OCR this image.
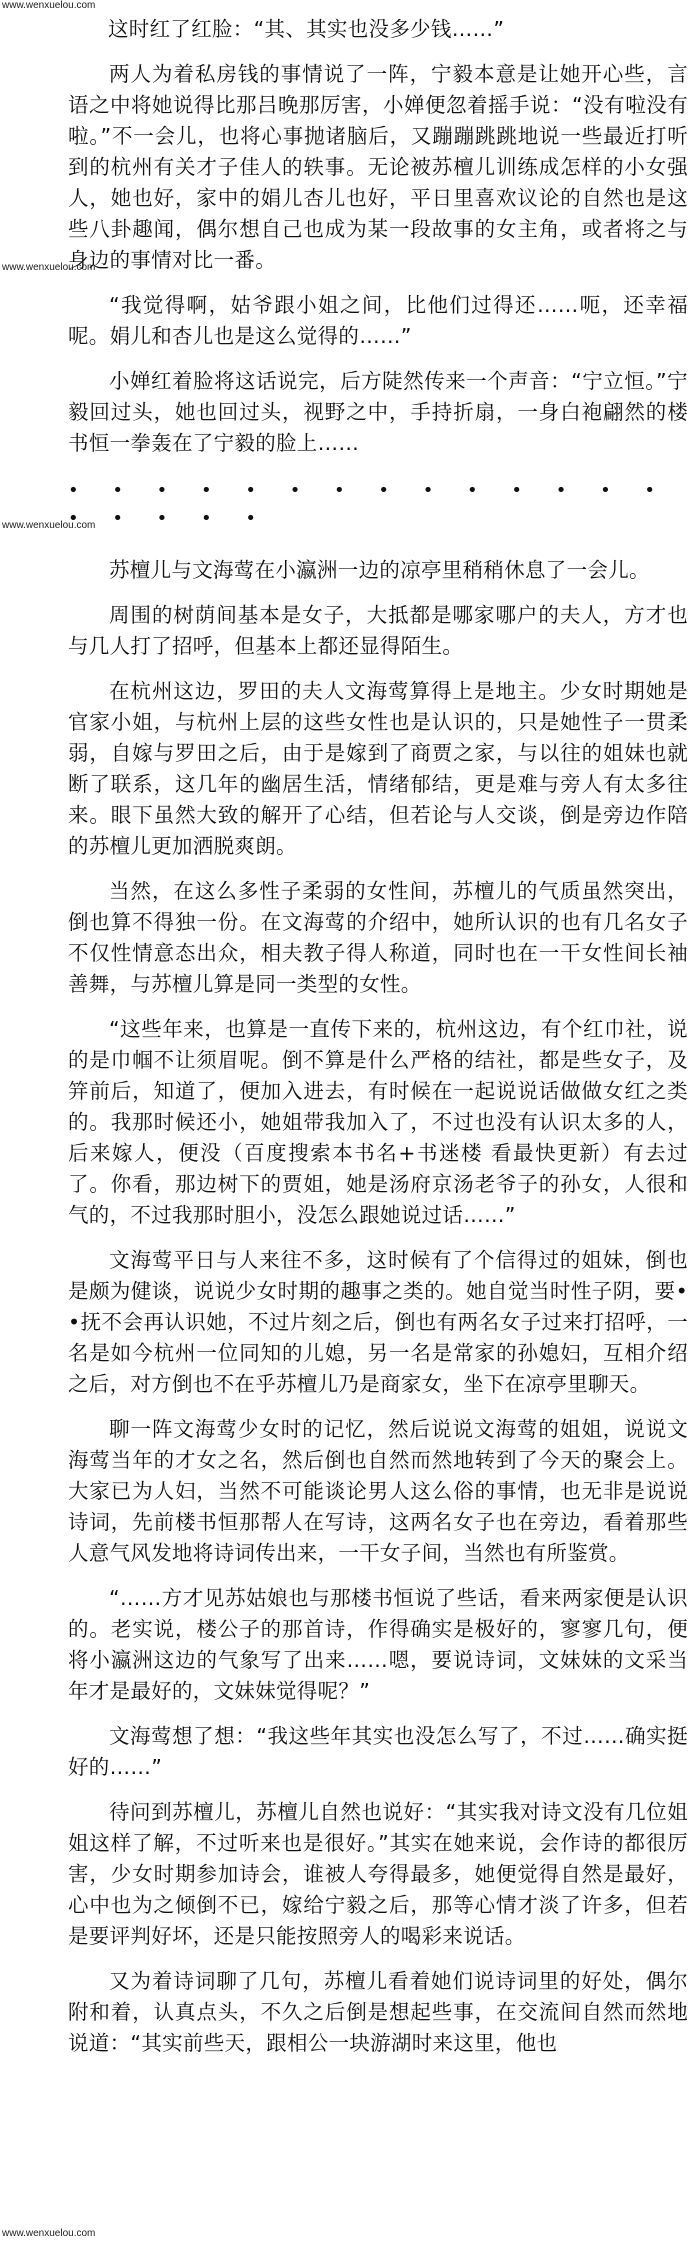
www.wenxuelou.com
www.wenxuelou.com
www.wenxuelou.com
www.wenxuelou.com

这时红了红脸：“其、其实也没多少钱……”

两人为着私房钱的事情说了一阵，宁毅本意是让她开心些，言语之中将她说得比那吕晚那厉害，小婵便忽着摇手说：“没有啦没有啦。”不一会儿，也将心事抛诸脑后，又蹦蹦跳跳地说一些最近打听到的杭州有关才子佳人的轶事。无论被苏檀儿训练成怎样的小女强人，她也好，家中的娟儿杏儿也好，平日里喜欢议论的自然也是这些八卦趣闻，偶尔想自己也成为某一段故事的女主角，或者将之与身边的事情对比一番。

“我觉得啊，姑爷跟小姐之间，比他们过得还……呃，还幸福呢。娟儿和杏儿也是这么觉得的……”

小婵红着脸将这话说完，后方陡然传来一个声音：“宁立恒。”宁毅回过头，她也回过头，视野之中，手持折扇，一身白袍翩然的楼书恒一拳轰在了宁毅的脸上……

• • • • • • • • • • • • • • • • • • •

苏檀儿与文海莺在小瀛洲一边的凉亭里稍稍休息了一会儿。

周围的树荫间基本是女子，大抵都是哪家哪户的夫人，方才也与几人打了招呼，但基本上都还显得陌生。

在杭州这边，罗田的夫人文海莺算得上是地主。少女时期她是官家小姐，与杭州上层的这些女性也是认识的，只是她性子一贯柔弱，自嫁与罗田之后，由于是嫁到了商贾之家，与以往的姐妹也就断了联系，这几年的幽居生活，情绪郁结，更是难与旁人有太多往来。眼下虽然大致的解开了心结，但若论与人交谈，倒是旁边作陪的苏檀儿更加洒脱爽朗。

当然，在这么多性子柔弱的女性间，苏檀儿的气质虽然突出，倒也算不得独一份。在文海莺的介绍中，她所认识的也有几名女子不仅性情意态出众，相夫教子得人称道，同时也在一干女性间长袖善舞，与苏檀儿算是同一类型的女性。

“这些年来，也算是一直传下来的，杭州这边，有个红巾社，说的是巾帼不让须眉呢。倒不算是什么严格的结社，都是些女子，及笄前后，知道了，便加入进去，有时候在一起说说话做做女红之类的。我那时候还小，她姐带我加入了，不过也没有认识太多的人，后来嫁人，便没（百度搜索本书名+书迷楼 看最快更新）有去过了。你看，那边树下的贾姐，她是汤府京汤老爷子的孙女，人很和气的，不过我那时胆小，没怎么跟她说过话……”

文海莺平日与人来往不多，这时候有了个信得过的姐妹，倒也是颇为健谈，说说少女时期的趣事之类的。她自觉当时性子阴，要••抚不会再认识她，不过片刻之后，倒也有两名女子过来打招呼，一名是如今杭州一位同知的儿媳，另一名是常家的孙媳妇，互相介绍之后，对方倒也不在乎苏檀儿乃是商家女，坐下在凉亭里聊天。

聊一阵文海莺少女时的记忆，然后说说文海莺的姐姐，说说文海莺当年的才女之名，然后倒也自然而然地转到了今天的聚会上。大家已为人妇，当然不可能谈论男人这么俗的事情，也无非是说说诗词，先前楼书恒那帮人在写诗，这两名女子也在旁边，看着那些人意气风发地将诗词传出来，一干女子间，当然也有所鉴赏。

“……方才见苏姑娘也与那楼书恒说了些话，看来两家便是认识的。老实说，楼公子的那首诗，作得确实是极好的，寥寥几句，便将小瀛洲这边的气象写了出来……嗯，要说诗词，文妹妹的文采当年才是最好的，文妹妹觉得呢？”

文海莺想了想：“我这些年其实也没怎么写了，不过……确实挺好的……”

待问到苏檀儿，苏檀儿自然也说好：“其实我对诗文没有几位姐姐这样了解，不过听来也是很好。”其实在她来说，会作诗的都很厉害，少女时期参加诗会，谁被人夸得最多，她便觉得自然是最好，心中也为之倾倒不已，嫁给宁毅之后，那等心情才淡了许多，但若是要评判好坏，还是只能按照旁人的喝彩来说话。

又为着诗词聊了几句，苏檀儿看着她们说诗词里的好处，偶尔附和着，认真点头，不久之后倒是想起些事，在交流间自然而然地说道：“其实前些天，跟相公一块游湖时来这里，他也
